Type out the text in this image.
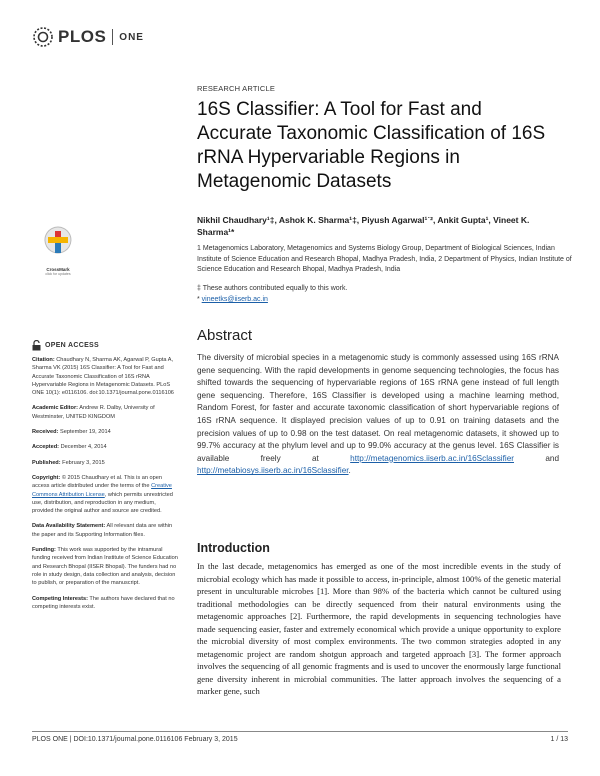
PLOS ONE
RESEARCH ARTICLE
16S Classifier: A Tool for Fast and Accurate Taxonomic Classification of 16S rRNA Hypervariable Regions in Metagenomic Datasets
Nikhil Chaudhary¹‡, Ashok K. Sharma¹‡, Piyush Agarwal¹˙², Ankit Gupta¹, Vineet K. Sharma¹*
1 Metagenomics Laboratory, Metagenomics and Systems Biology Group, Department of Biological Sciences, Indian Institute of Science Education and Research Bhopal, Madhya Pradesh, India, 2 Department of Physics, Indian Institute of Science Education and Research Bhopal, Madhya Pradesh, India
‡ These authors contributed equally to this work.
* vineetks@iiserb.ac.in
Abstract
The diversity of microbial species in a metagenomic study is commonly assessed using 16S rRNA gene sequencing. With the rapid developments in genome sequencing technologies, the focus has shifted towards the sequencing of hypervariable regions of 16S rRNA gene instead of full length gene sequencing. Therefore, 16S Classifier is developed using a machine learning method, Random Forest, for faster and accurate taxonomic classification of short hypervariable regions of 16S rRNA sequence. It displayed precision values of up to 0.91 on training datasets and the precision values of up to 0.98 on the test dataset. On real metagenomic datasets, it showed up to 99.7% accuracy at the phylum level and up to 99.0% accuracy at the genus level. 16S Classifier is available freely at http://metagenomics.iiserb.ac.in/16Sclassifier and http://metabiosys.iiserb.ac.in/16Sclassifier.
Introduction
In the last decade, metagenomics has emerged as one of the most incredible events in the study of microbial ecology which has made it possible to access, in-principle, almost 100% of the genetic material present in unculturable microbes [1]. More than 98% of the bacteria which cannot be cultured using traditional methodologies can be directly sequenced from their natural environments using the metagenomic approaches [2]. Furthermore, the rapid developments in sequencing technologies have made sequencing easier, faster and extremely economical which provide a unique opportunity to explore the microbial diversity of most complex environments. The two common strategies adopted in any metagenomic project are random shotgun approach and targeted approach [3]. The former approach involves the sequencing of all genomic fragments and is used to uncover the enormously large functional gene diversity inherent in microbial communities. The latter approach involves the sequencing of a marker gene, such
CrossMark
click for updates
OPEN ACCESS

Citation: Chaudhary N, Sharma AK, Agarwal P, Gupta A, Sharma VK (2015) 16S Classifier: A Tool for Fast and Accurate Taxonomic Classification of 16S rRNA Hypervariable Regions in Metagenomic Datasets. PLoS ONE 10(1): e0116106. doi:10.1371/journal.pone.0116106

Academic Editor: Andrew R. Dalby, University of Westminster, UNITED KINGDOM

Received: September 19, 2014

Accepted: December 4, 2014

Published: February 3, 2015

Copyright: © 2015 Chaudhary et al. This is an open access article distributed under the terms of the Creative Commons Attribution License, which permits unrestricted use, distribution, and reproduction in any medium, provided the original author and source are credited.

Data Availability Statement: All relevant data are within the paper and its Supporting Information files.

Funding: This work was supported by the intramural funding received from Indian Institute of Science Education and Research Bhopal (IISER Bhopal). The funders had no role in study design, data collection and analysis, decision to publish, or preparation of the manuscript.

Competing Interests: The authors have declared that no competing interests exist.

PLOS ONE | DOI:10.1371/journal.pone.0116106 February 3, 2015	1 / 13
